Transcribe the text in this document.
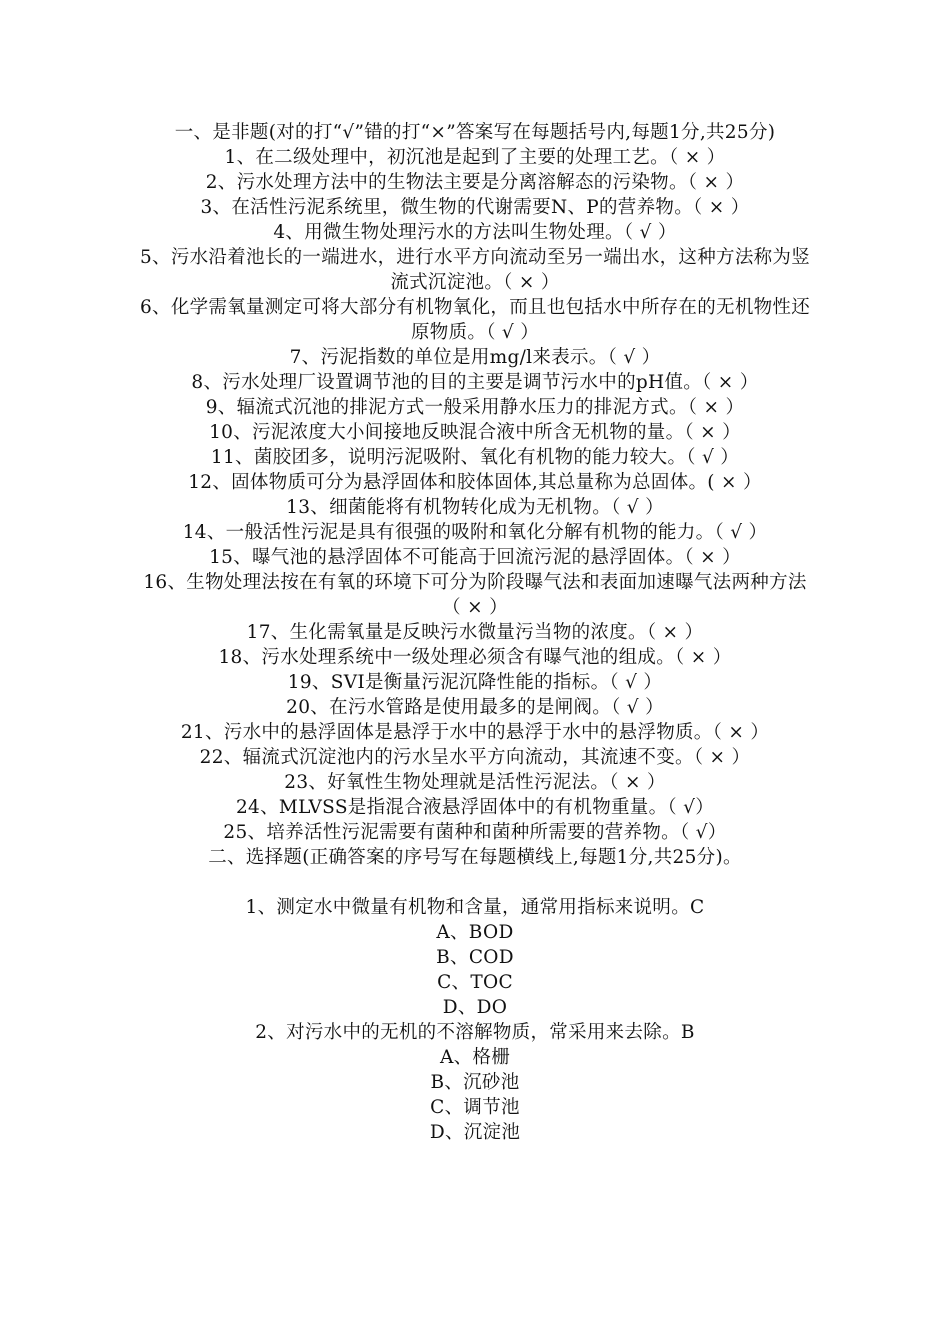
一、是非题(对的打“√”错的打“×”答案写在每题括号内,每题1分,共25分)
1、在二级处理中，初沉池是起到了主要的处理工艺。（ × ）
2、污水处理方法中的生物法主要是分离溶解态的污染物。（ × ）
3、在活性污泥系统里，微生物的代谢需要N、P的营养物。（ × ）
4、用微生物处理污水的方法叫生物处理。（ √ ）
5、污水沿着池长的一端进水，进行水平方向流动至另一端出水，这种方法称为竖流式沉淀池。（ × ）
6、化学需氧量测定可将大部分有机物氧化，而且也包括水中所存在的无机物性还原物质。（ √ ）
7、污泥指数的单位是用mg/l来表示。（ √ ）
8、污水处理厂设置调节池的目的主要是调节污水中的pH值。（ × ）
9、辐流式沉池的排泥方式一般采用静水压力的排泥方式。（ × ）
10、污泥浓度大小间接地反映混合液中所含无机物的量。（ × ）
11、菌胶团多，说明污泥吸附、氧化有机物的能力较大。（ √ ）
12、固体物质可分为悬浮固体和胶体固体,其总量称为总固体。( × ）
13、细菌能将有机物转化成为无机物。（ √ ）
14、一般活性污泥是具有很强的吸附和氧化分解有机物的能力。（ √ ）
15、曝气池的悬浮固体不可能高于回流污泥的悬浮固体。（ × ）
16、生物处理法按在有氧的环境下可分为阶段曝气法和表面加速曝气法两种方法（ × ）
17、生化需氧量是反映污水微量污当物的浓度。（ × ）
18、污水处理系统中一级处理必须含有曝气池的组成。（ × ）
19、SVI是衡量污泥沉降性能的指标。（ √ ）
20、在污水管路是使用最多的是闸阀。（ √ ）
21、污水中的悬浮固体是悬浮于水中的悬浮于水中的悬浮物质。（ × ）
22、辐流式沉淀池内的污水呈水平方向流动，其流速不变。（ × ）
23、好氧性生物处理就是活性污泥法。（ × ）
24、MLVSS是指混合液悬浮固体中的有机物重量。（ √）
25、培养活性污泥需要有菌种和菌种所需要的营养物。（ √）
二、选择题(正确答案的序号写在每题横线上,每题1分,共25分)。
1、测定水中微量有机物和含量，通常用指标来说明。C
A、BOD
B、COD
C、TOC
D、DO
2、对污水中的无机的不溶解物质，常采用来去除。B
A、格栅
B、沉砂池
C、调节池
D、沉淀池
